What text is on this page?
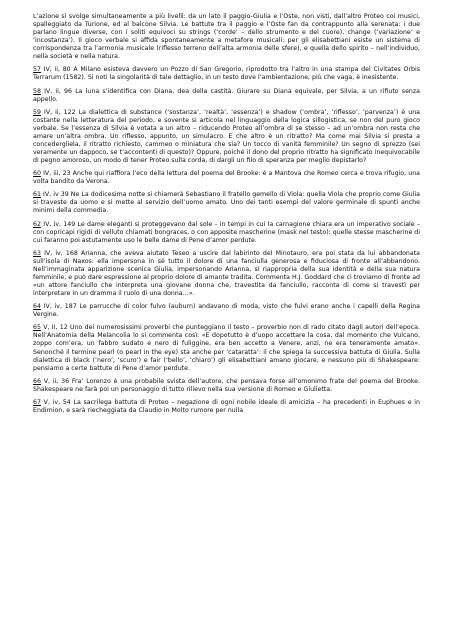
L’azione si svolge simultaneamente a più livelli: da un lato il paggio-Giulia e l’Oste, non visti, dall’altro Proteo coi musici, spalleggiato da Turione, ed al balcone Silvia. Le battute tra il paggio e l’Oste fan da contrappunto alla serenata: i due parlano lingue diverse, con i soliti equivoci su strings (‘corde’ – dello strumento e del cuore), change (‘variazione’ e ‘incostanza’). Il gioco verbale si affida spontaneamente a metafore musicali: per gli elisabettiani esiste un sistema di corrispondenza tra l’armonia musicale (riflesso terreno dell’alta armonia delle sfere), e quella dello spirito – nell’individuo, nella società e nella natura.

57 IV, ii, 80 A Milano esisteva davvero un Pozzo di San Gregorio, riprodotto tra l’altro in una stampa del Civitates Orbis Terrarum (1582). Si noti la singolarità di tale dettaglio, in un testo dove l’ambientazione, più che vaga, è inesistente.

58 IV, ii, 96 La luna s’identifica con Diana, dea della castità. Giurare su Diana equivale, per Silvia, a un rifiuto senza appello.

59 IV, ii, 122 La dialettica di substance (‘sostanza’, ‘realtà’, ‘essenza’) e shadow (‘ombra’, ‘riflesso’, ‘parvenza’) è una costante nella letteratura del periodo, e sovente si articola nel linguaggio della logica sillogistica, se non del puro gioco verbale. Se l’essenza di Silvia è votata a un altro – riducendo Proteo all’ombra di se stesso – ad un’ombra non resta che amare un’altra ombra. Un riflesso, appunto, un simulacro. E che altro è un ritratto? Ma come mai Silvia si presta a concedergliela, il ritratto richiesto, cammeo o miniatura che sia? Un tocco di vanità femminile? Un segno di sprezzo (sei veramente un dappoco, se t’accontenti di questo)? Oppure, poiché il dono del proprio ritratto ha significato inequivocabile di pegno amoroso, un modo di tener Proteo sulla corda, di dargli un filo di speranza per meglio depistarlo?

60 IV, iii, 23 Anche qui riaffiora l’eco della lettura del poema del Brooke: è a Mantova che Romeo cerca e trova rifugio, una volta bandito da Verona.

61 IV, iv 39 Ne La dodicesima notte si chiamerà Sebastiano il fratello gemello di Viola: quella Viola che proprio come Giulia si traveste da uomo e si mette al servizio dell’uomo amato. Uno dei tanti esempi del valore germinale di spunti anche minimi della commedia.

62 IV, iv, 149 Le dame eleganti si proteggevano dal sole – in tempi in cui la carnagione chiara era un imperativo sociale – con copricapi rigidi di velluto chiamati bongraces, o con apposite mascherine (mask nel testo): quelle stesse mascherine di cui faranno poi astutamente uso le belle dame di Pene d’amor perdute.

63 IV, iv, 168 Arianna, che aveva aiutato Teseo a uscire dal labirinto del Minotauro, era poi stata da lui abbandonata sull’isola di Naxos: ella impersona in sé tutto il dolore di una fanciulla generosa e fiduciosa di fronte all’abbandono. Nell’immaginata apparizione scenica Giulia, impersonando Arianna, si riappropria della sua identità e della sua natura femminile, e può dare espressione al proprio dolore di amante tradita. Commenta H.J. Goddard che ci troviamo di fronte ad «un attore fanciullo che interpreta una giovane donna che, travestita da fanciullo, racconta di come si travestì per interpretare in un dramma il ruolo di una donna…».

64 IV, iv, 187 Le parrucche di color fulvo (auburn) andavano di moda, visto che fulvi erano anche i capelli della Regina Vergine.

65 V, II, 12 Uno dei numerosissimi proverbi che punteggiano il testo – proverbio non di rado citato dagli autori dell’epoca. Nell’Anatomia della Melancolia lo si commenta così: «E dopotutto è d’uopo accettare la cosa, dal momento che Vulcano, zoppo com’era, un fabbro sudato e nero di fuliggine, era ben accetto a Venere, anzi, ne era teneramente amato». Senonché il termine pearl (o pearl in the eye) sta anche per ‘cataratta’: il che spiega la successiva battuta di Giulia. Sulla dialettica di black (‘nero’, ‘scuro’) e fair (‘bello’, ‘chiaro’) gli elisabettiani amano giocare, e nessuno più di Shakespeare: pensiamo a certe battute di Pene d’amor perdute.

66 V, ii, 36 Fra’ Lorenzo è una probabile svista dell’autore, che pensava forse all’omonimo frate del poema del Brooke. Shakespeare ne farà poi un personaggio di tutto rilievo nella sua versione di Romeo e Giulietta.

67 V, iv, 54 La sacrilega battuta di Proteo – negazione di ogni nobile ideale di amicizia – ha precedenti in Euphues e in Endimion, e sarà riecheggiata da Claudio in Molto rumore per nulla
